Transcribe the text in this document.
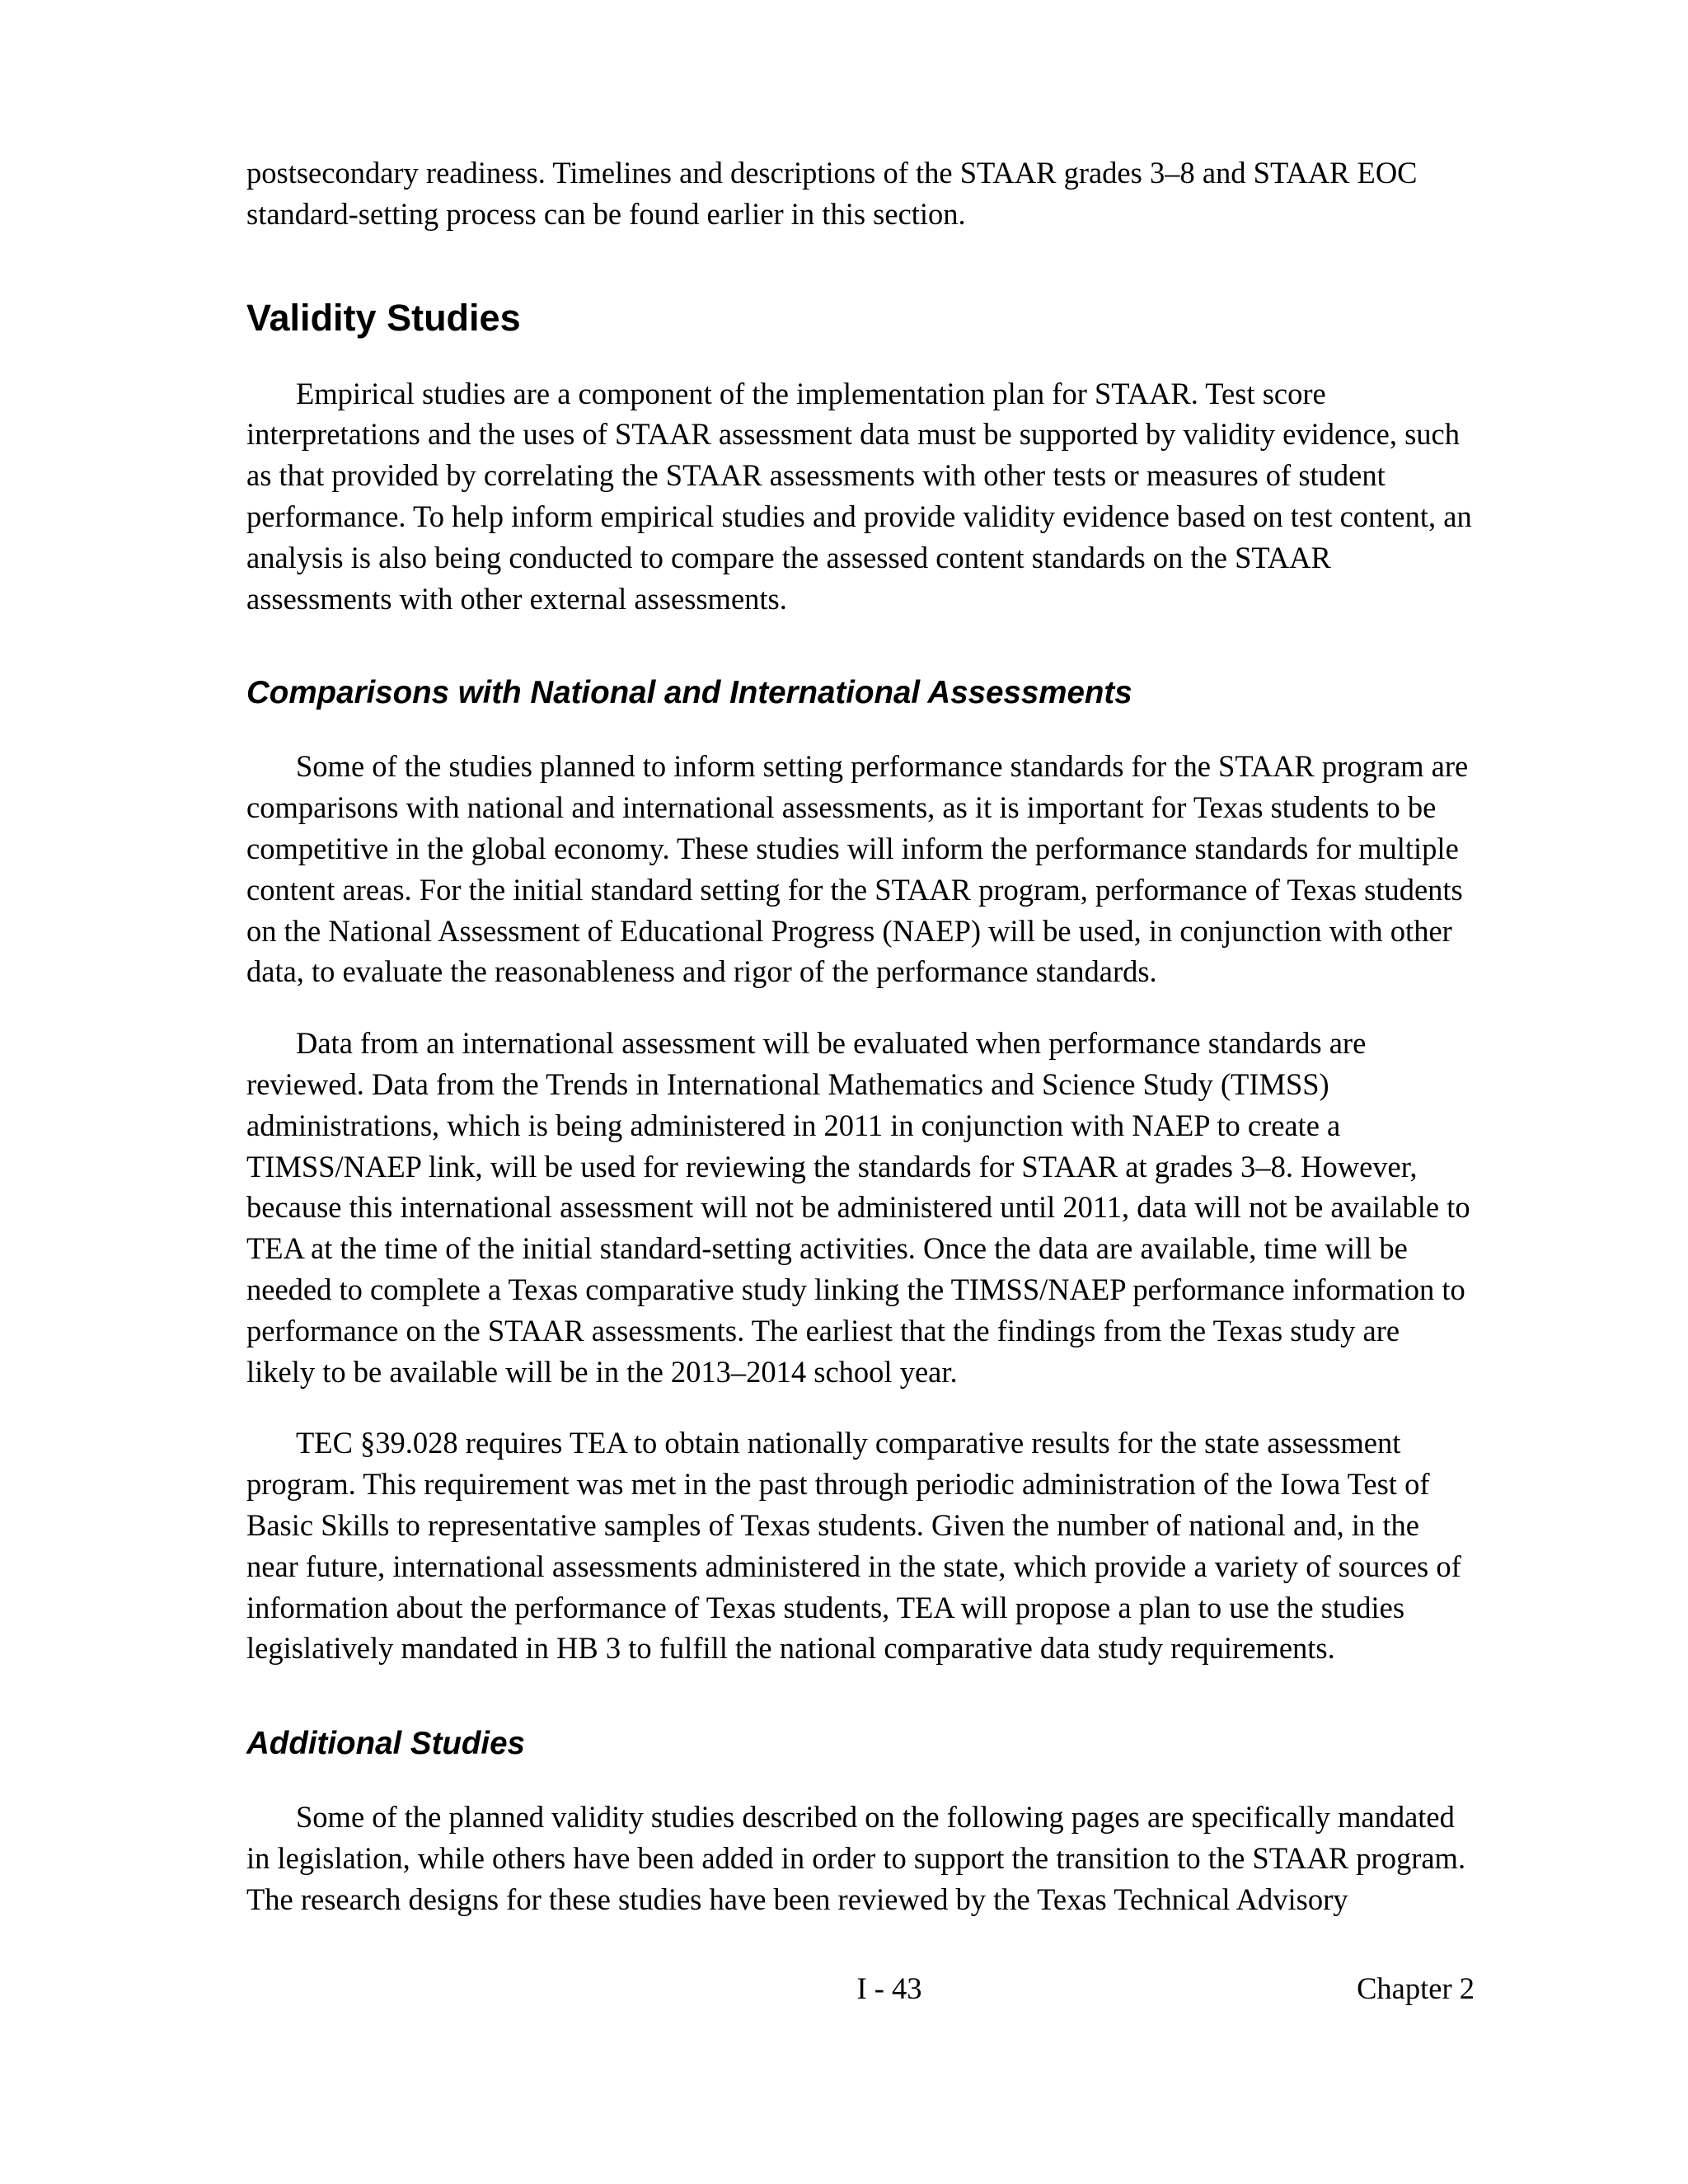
postsecondary readiness. Timelines and descriptions of the STAAR grades 3–8 and STAAR EOC standard-setting process can be found earlier in this section.

Validity Studies

Empirical studies are a component of the implementation plan for STAAR. Test score interpretations and the uses of STAAR assessment data must be supported by validity evidence, such as that provided by correlating the STAAR assessments with other tests or measures of student performance. To help inform empirical studies and provide validity evidence based on test content, an analysis is also being conducted to compare the assessed content standards on the STAAR assessments with other external assessments.

Comparisons with National and International Assessments

Some of the studies planned to inform setting performance standards for the STAAR program are comparisons with national and international assessments, as it is important for Texas students to be competitive in the global economy. These studies will inform the performance standards for multiple content areas. For the initial standard setting for the STAAR program, performance of Texas students on the National Assessment of Educational Progress (NAEP) will be used, in conjunction with other data, to evaluate the reasonableness and rigor of the performance standards.

Data from an international assessment will be evaluated when performance standards are reviewed. Data from the Trends in International Mathematics and Science Study (TIMSS) administrations, which is being administered in 2011 in conjunction with NAEP to create a TIMSS/NAEP link, will be used for reviewing the standards for STAAR at grades 3–8. However, because this international assessment will not be administered until 2011, data will not be available to TEA at the time of the initial standard-setting activities. Once the data are available, time will be needed to complete a Texas comparative study linking the TIMSS/NAEP performance information to performance on the STAAR assessments. The earliest that the findings from the Texas study are likely to be available will be in the 2013–2014 school year.

TEC §39.028 requires TEA to obtain nationally comparative results for the state assessment program. This requirement was met in the past through periodic administration of the Iowa Test of Basic Skills to representative samples of Texas students. Given the number of national and, in the near future, international assessments administered in the state, which provide a variety of sources of information about the performance of Texas students, TEA will propose a plan to use the studies legislatively mandated in HB 3 to fulfill the national comparative data study requirements.

Additional Studies

Some of the planned validity studies described on the following pages are specifically mandated in legislation, while others have been added in order to support the transition to the STAAR program. The research designs for these studies have been reviewed by the Texas Technical Advisory

I - 43	Chapter 2
